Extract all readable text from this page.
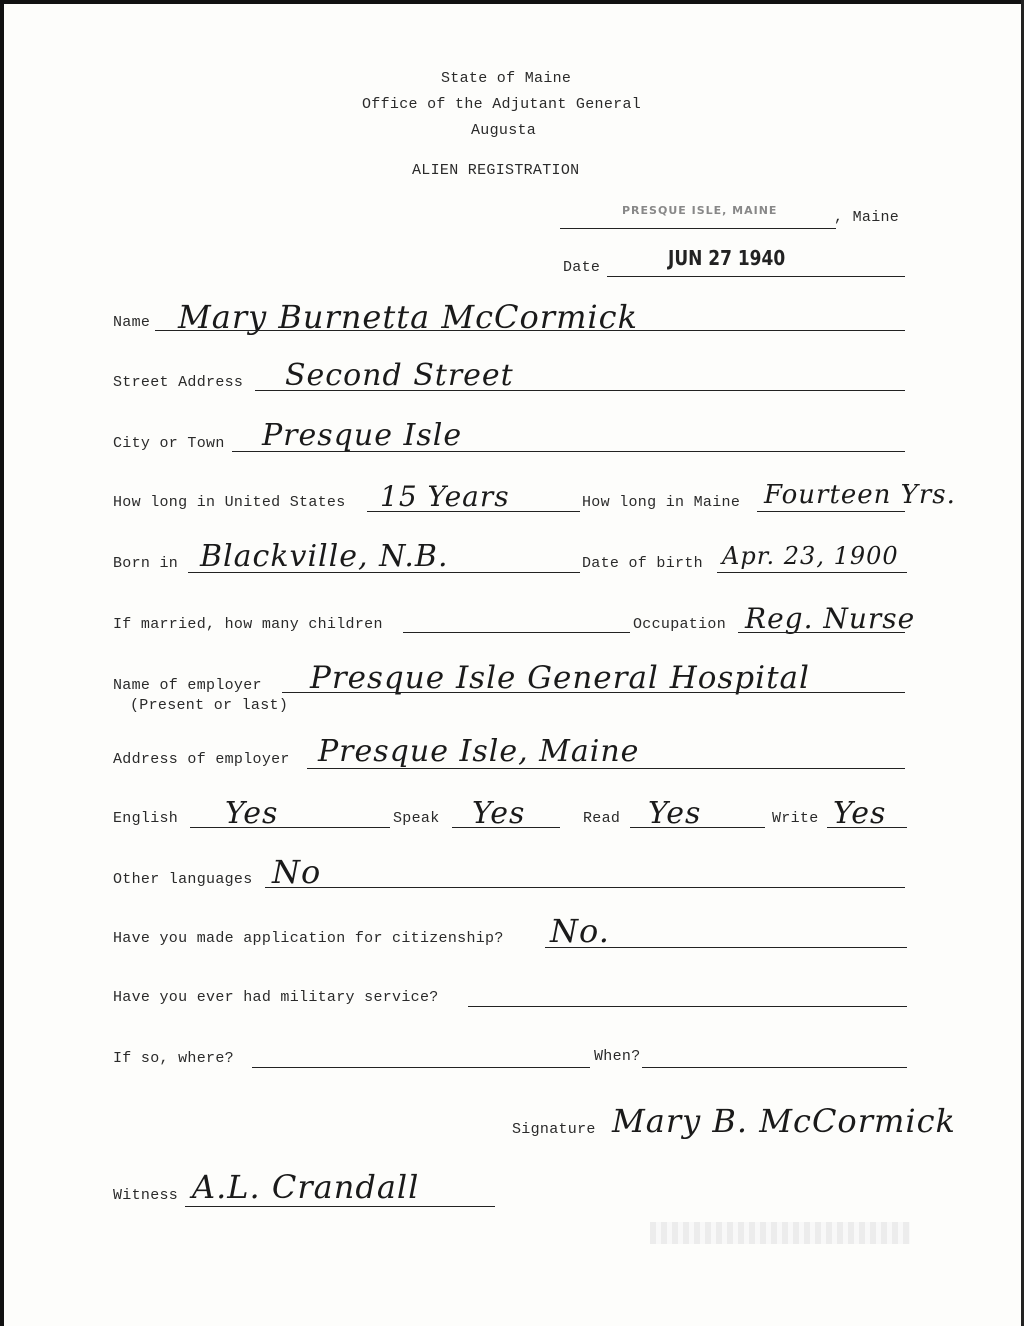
State of Maine
Office of the Adjutant General
Augusta
ALIEN REGISTRATION
PRESQUE ISLE, MAINE	, Maine
Date	JUN 27 1940
Name Mary Burnetta McCormick
Street Address Second Street
City or Town Presque Isle
How long in United States 15 Years	How long in Maine Fourteen Yrs.
Born in Blackville, N.B.	Date of birth Apr. 23, 1900
If married, how many children	Occupation Reg. Nurse
Name of employer
(Present or last)
Presque Isle General Hospital
Address of employer Presque Isle, Maine
English Yes	Speak Yes	Read Yes	Write Yes
Other languages No
Have you made application for citizenship? No.
Have you ever had military service?
If so, where?	When?
Signature Mary B. McCormick
Witness A.L. Crandall
